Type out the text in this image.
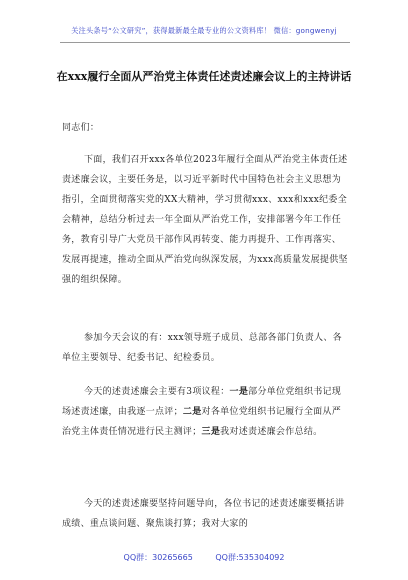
关注头条号“公文研究”，获得最新最全最专业的公文资料库！ 微信：gongwenyj
在xxx履行全面从严治党主体责任述责述廉会议上的主持讲话
同志们：
下面，我们召开xxx各单位2023年履行全面从严治党主体责任述责述廉会议，主要任务是，以习近平新时代中国特色社会主义思想为指引，全面贯彻落实党的XX大精神，学习贯彻xxx、xxx和xxx纪委全会精神，总结分析过去一年全面从严治党工作，安排部署今年工作任务，教育引导广大党员干部作风再转变、能力再提升、工作再落实、发展再提速，推动全面从严治党向纵深发展，为xxx高质量发展提供坚强的组织保障。
参加今天会议的有：xxx领导班子成员、总部各部门负责人、各单位主要领导、纪委书记、纪检委员。
今天的述责述廉会主要有3项议程：一是部分单位党组织书记现场述责述廉，由我逐一点评；二是对各单位党组织书记履行全面从严治党主体责任情况进行民主测评；三是我对述责述廉会作总结。
今天的述责述廉要坚持问题导向，各位书记的述责述廉要概括讲成绩、重点谈问题、聚焦谈打算；我对大家的
QQ群：30265665	QQ群:535304092
